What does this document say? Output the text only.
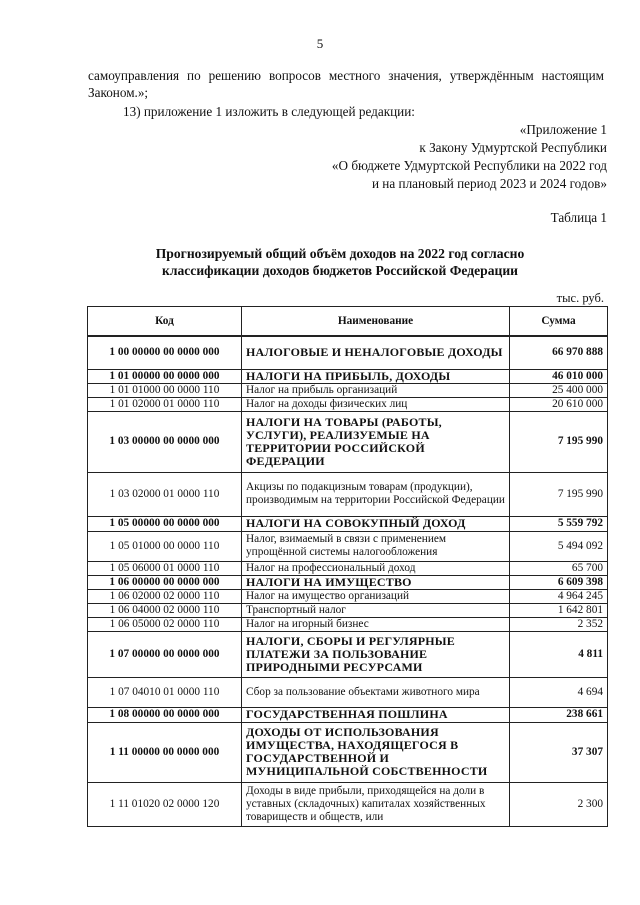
5
самоуправления по решению вопросов местного значения, утверждённым настоящим Законом.»;
13) приложение 1 изложить в следующей редакции:
«Приложение 1
к Закону Удмуртской Республики
«О бюджете Удмуртской Республики на 2022 год
и на плановый период 2023 и 2024 годов»
Таблица 1
Прогнозируемый общий объём доходов на 2022 год согласно
классификации доходов бюджетов Российской Федерации
тыс. руб.
Код	Наименование	Сумма
1 00 00000 00 0000 000	НАЛОГОВЫЕ И НЕНАЛОГОВЫЕ ДОХОДЫ	66 970 888
1 01 00000 00 0000 000	НАЛОГИ НА ПРИБЫЛЬ, ДОХОДЫ	46 010 000
1 01 01000 00 0000 110	Налог на прибыль организаций	25 400 000
1 01 02000 01 0000 110	Налог на доходы физических лиц	20 610 000
1 03 00000 00 0000 000	НАЛОГИ НА ТОВАРЫ (РАБОТЫ, УСЛУГИ), РЕАЛИЗУЕМЫЕ НА ТЕРРИТОРИИ РОССИЙСКОЙ ФЕДЕРАЦИИ	7 195 990
1 03 02000 01 0000 110	Акцизы по подакцизным товарам (продукции), производимым на территории Российской Федерации	7 195 990
1 05 00000 00 0000 000	НАЛОГИ НА СОВОКУПНЫЙ ДОХОД	5 559 792
1 05 01000 00 0000 110	Налог, взимаемый в связи с применением упрощённой системы налогообложения	5 494 092
1 05 06000 01 0000 110	Налог на профессиональный доход	65 700
1 06 00000 00 0000 000	НАЛОГИ НА ИМУЩЕСТВО	6 609 398
1 06 02000 02 0000 110	Налог на имущество организаций	4 964 245
1 06 04000 02 0000 110	Транспортный налог	1 642 801
1 06 05000 02 0000 110	Налог на игорный бизнес	2 352
1 07 00000 00 0000 000	НАЛОГИ, СБОРЫ И РЕГУЛЯРНЫЕ ПЛАТЕЖИ ЗА ПОЛЬЗОВАНИЕ ПРИРОДНЫМИ РЕСУРСАМИ	4 811
1 07 04010 01 0000 110	Сбор за пользование объектами животного мира	4 694
1 08 00000 00 0000 000	ГОСУДАРСТВЕННАЯ ПОШЛИНА	238 661
1 11 00000 00 0000 000	ДОХОДЫ ОТ ИСПОЛЬЗОВАНИЯ ИМУЩЕСТВА, НАХОДЯЩЕГОСЯ В ГОСУДАРСТВЕННОЙ И МУНИЦИПАЛЬНОЙ СОБСТВЕННОСТИ	37 307
1 11 01020 02 0000 120	Доходы в виде прибыли, приходящейся на доли в уставных (складочных) капиталах хозяйственных товариществ и обществ, или	2 300
